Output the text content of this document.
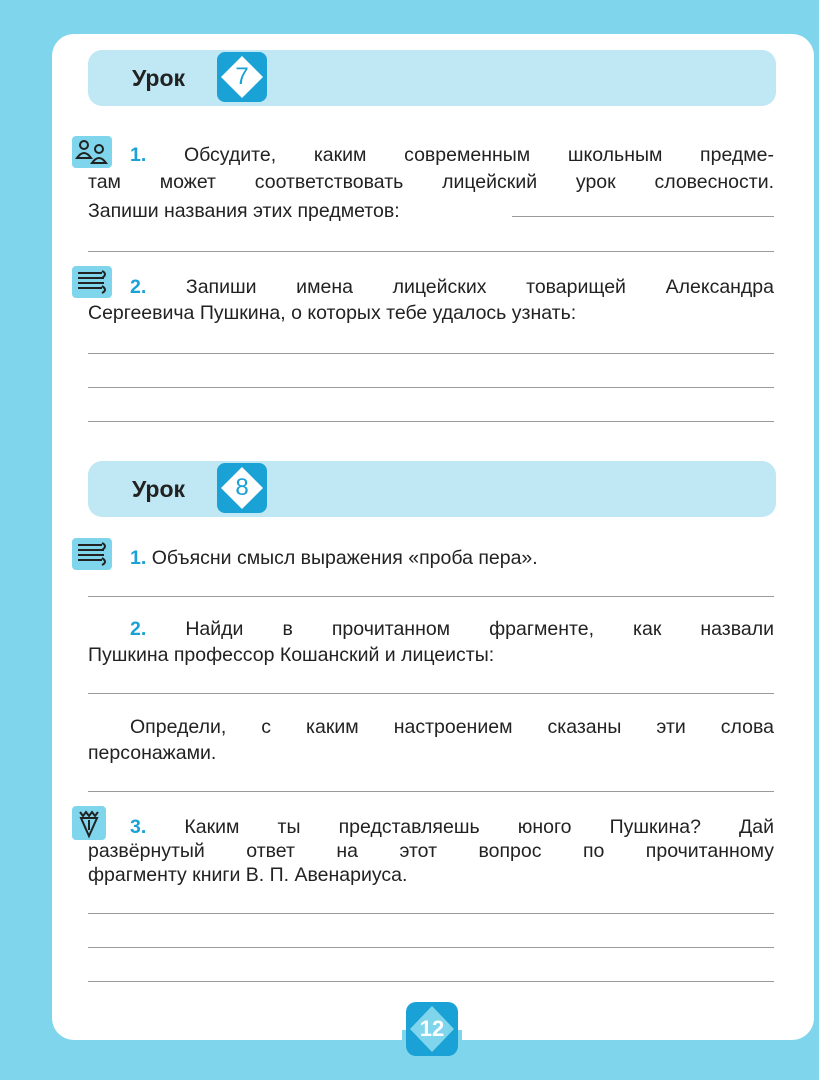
Урок	7
1. Обсудите, каким современным школьным предме-
там может соответствовать лицейский урок словесности.
Запиши названия этих предметов:
2. Запиши имена лицейских товарищей Александра
Сергеевича Пушкина, о которых тебе удалось узнать:
Урок	8
1. Объясни смысл выражения «проба пера».
2. Найди в прочитанном фрагменте, как назвали
Пушкина профессор Кошанский и лицеисты:
Определи, с каким настроением сказаны эти слова
персонажами.
3. Каким ты представляешь юного Пушкина? Дай
развёрнутый ответ на этот вопрос по прочитанному
фрагменту книги В. П. Авенариуса.
12
